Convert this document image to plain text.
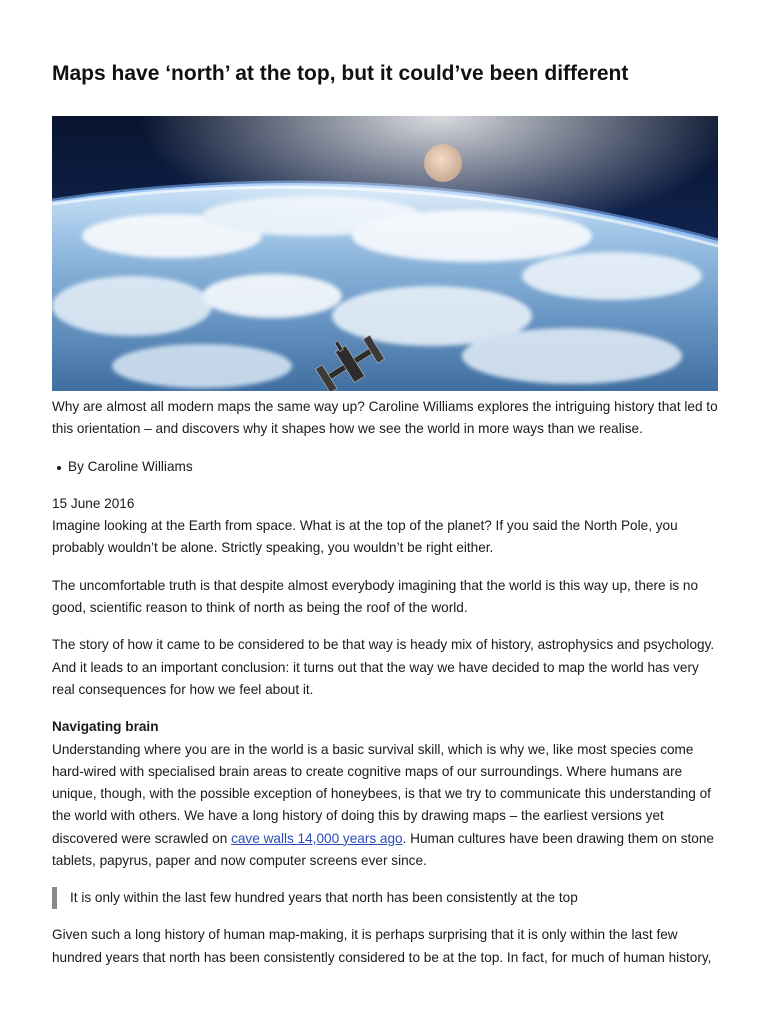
Maps have ‘north’ at the top, but it could’ve been different

Why are almost all modern maps the same way up? Caroline Williams explores the intriguing history that led to this orientation – and discovers why it shapes how we see the world in more ways than we realise.

By Caroline Williams

15 June 2016

Imagine looking at the Earth from space. What is at the top of the planet? If you said the North Pole, you probably wouldn’t be alone. Strictly speaking, you wouldn’t be right either.

The uncomfortable truth is that despite almost everybody imagining that the world is this way up, there is no good, scientific reason to think of north as being the roof of the world.

The story of how it came to be considered to be that way is heady mix of history, astrophysics and psychology. And it leads to an important conclusion: it turns out that the way we have decided to map the world has very real consequences for how we feel about it.

Navigating brain

Understanding where you are in the world is a basic survival skill, which is why we, like most species come hard-wired with specialised brain areas to create cognitive maps of our surroundings. Where humans are unique, though, with the possible exception of honeybees, is that we try to communicate this understanding of the world with others. We have a long history of doing this by drawing maps – the earliest versions yet discovered were scrawled on cave walls 14,000 years ago. Human cultures have been drawing them on stone tablets, papyrus, paper and now computer screens ever since.

It is only within the last few hundred years that north has been consistently at the top

Given such a long history of human map-making, it is perhaps surprising that it is only within the last few hundred years that north has been consistently considered to be at the top. In fact, for much of human history,
